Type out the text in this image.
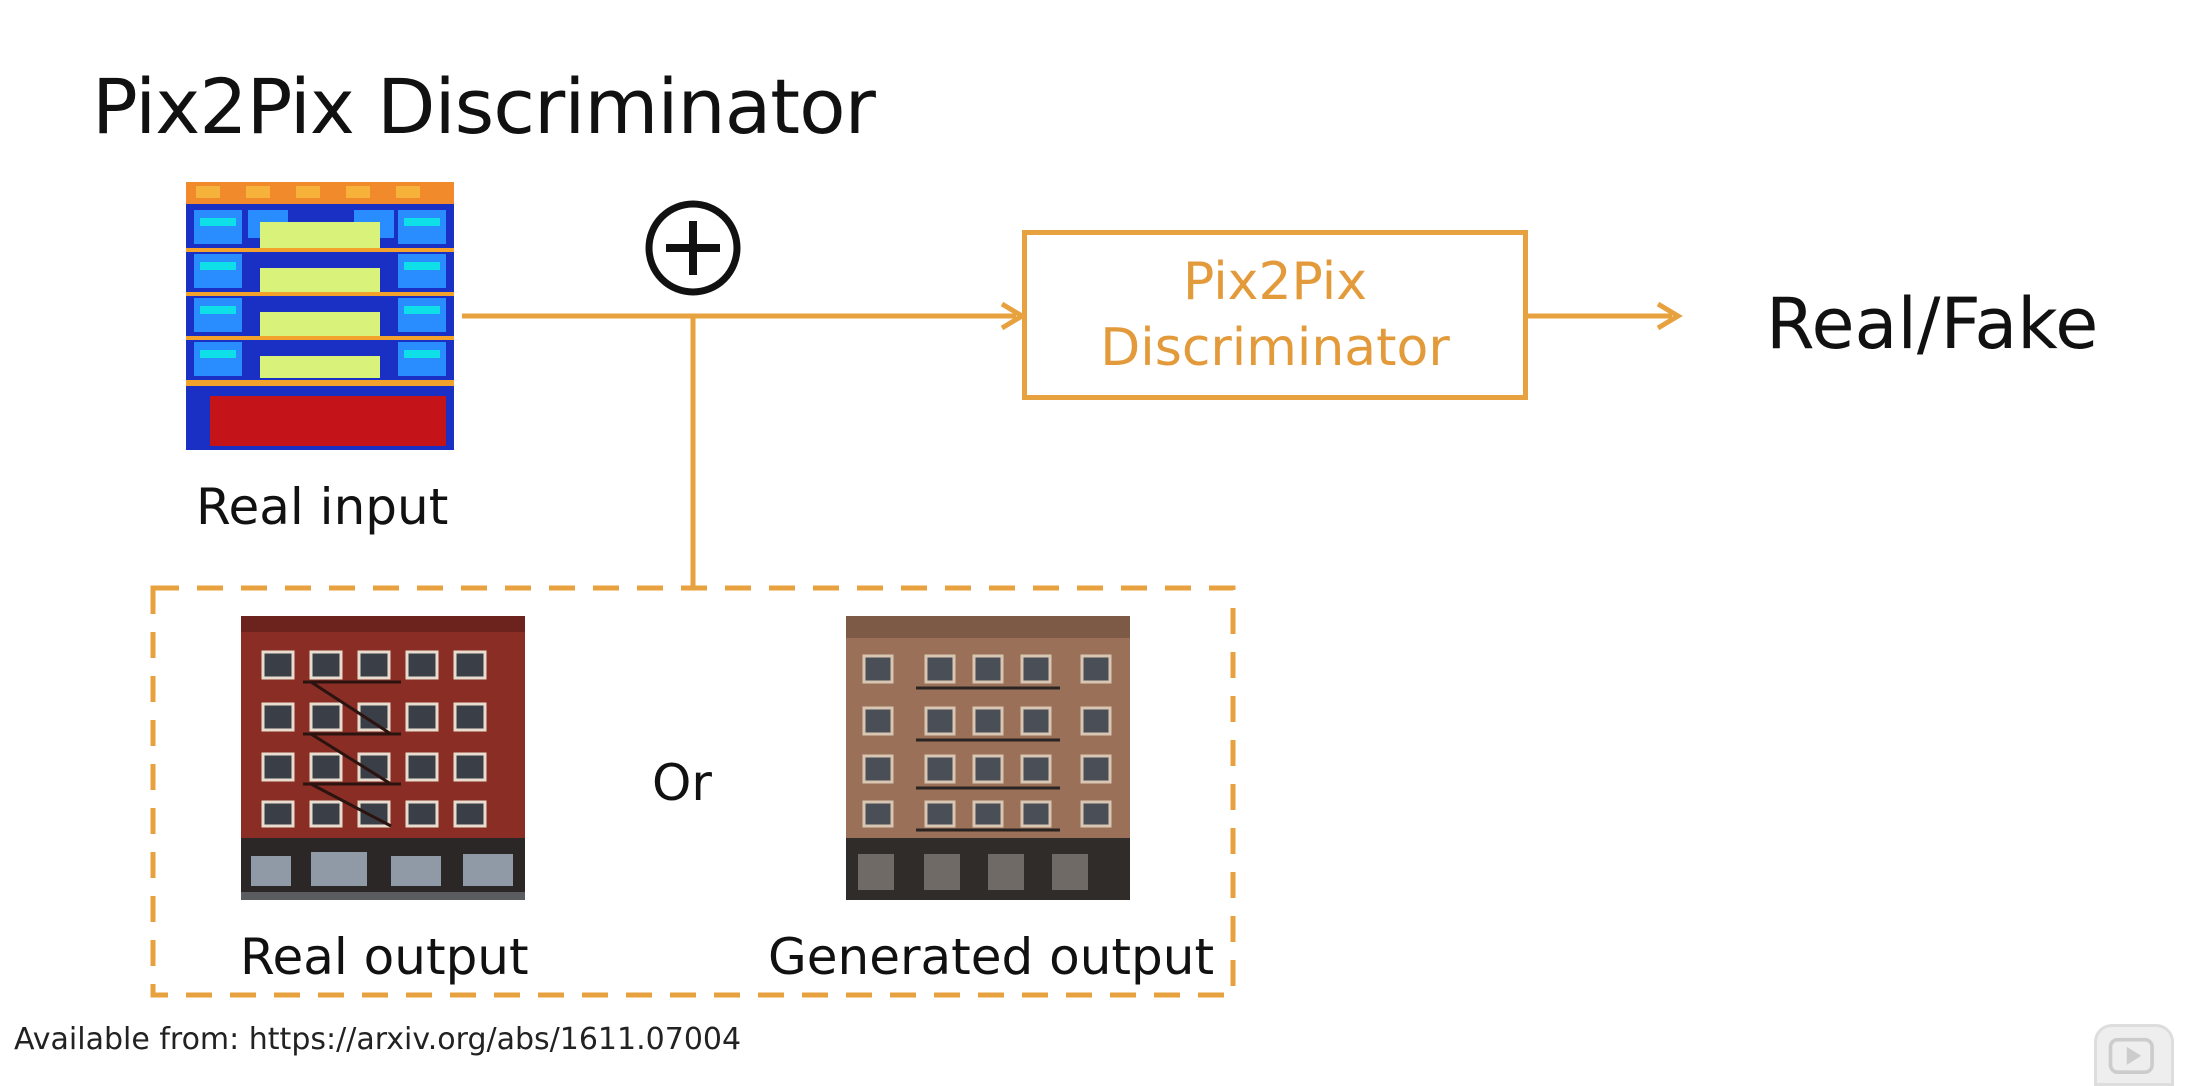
Pix2Pix Discriminator
Real input
Pix2Pix
Discriminator	Real/Fake
Real output
Or
Generated output
Available from: https://arxiv.org/abs/1611.07004
